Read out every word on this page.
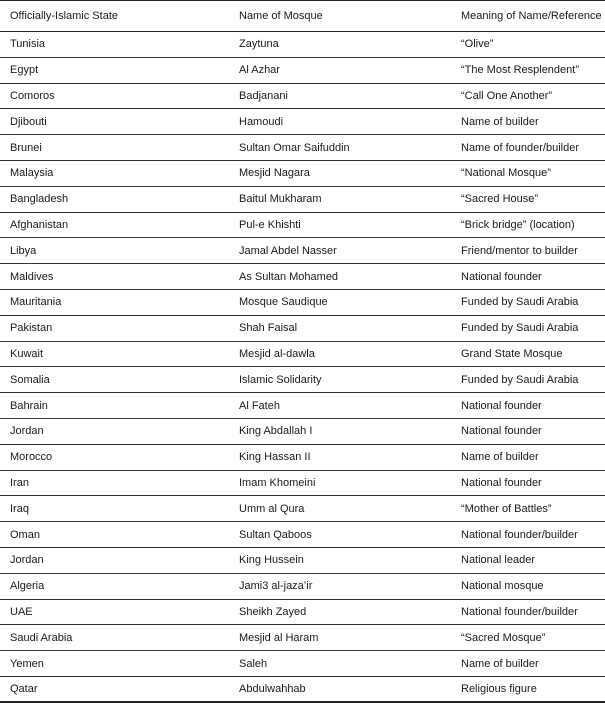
Officially-Islamic State	Name of Mosque	Meaning of Name/Reference
Tunisia	Zaytuna	“Olive”
Egypt	Al Azhar	“The Most Resplendent”
Comoros	Badjanani	“Call One Another”
Djibouti	Hamoudi	Name of builder
Brunei	Sultan Omar Saifuddin	Name of founder/builder
Malaysia	Mesjid Nagara	“National Mosque”
Bangladesh	Baitul Mukharam	“Sacred House”
Afghanistan	Pul-e Khishti	“Brick bridge” (location)
Libya	Jamal Abdel Nasser	Friend/mentor to builder
Maldives	As Sultan Mohamed	National founder
Mauritania	Mosque Saudique	Funded by Saudi Arabia
Pakistan	Shah Faisal	Funded by Saudi Arabia
Kuwait	Mesjid al-dawla	Grand State Mosque
Somalia	Islamic Solidarity	Funded by Saudi Arabia
Bahrain	Al Fateh	National founder
Jordan	King Abdallah I	National founder
Morocco	King Hassan II	Name of builder
Iran	Imam Khomeini	National founder
Iraq	Umm al Qura	“Mother of Battles”
Oman	Sultan Qaboos	National founder/builder
Jordan	King Hussein	National leader
Algeria	Jami3 al-jaza’ir	National mosque
UAE	Sheikh Zayed	National founder/builder
Saudi Arabia	Mesjid al Haram	“Sacred Mosque”
Yemen	Saleh	Name of builder
Qatar	Abdulwahhab	Religious figure
